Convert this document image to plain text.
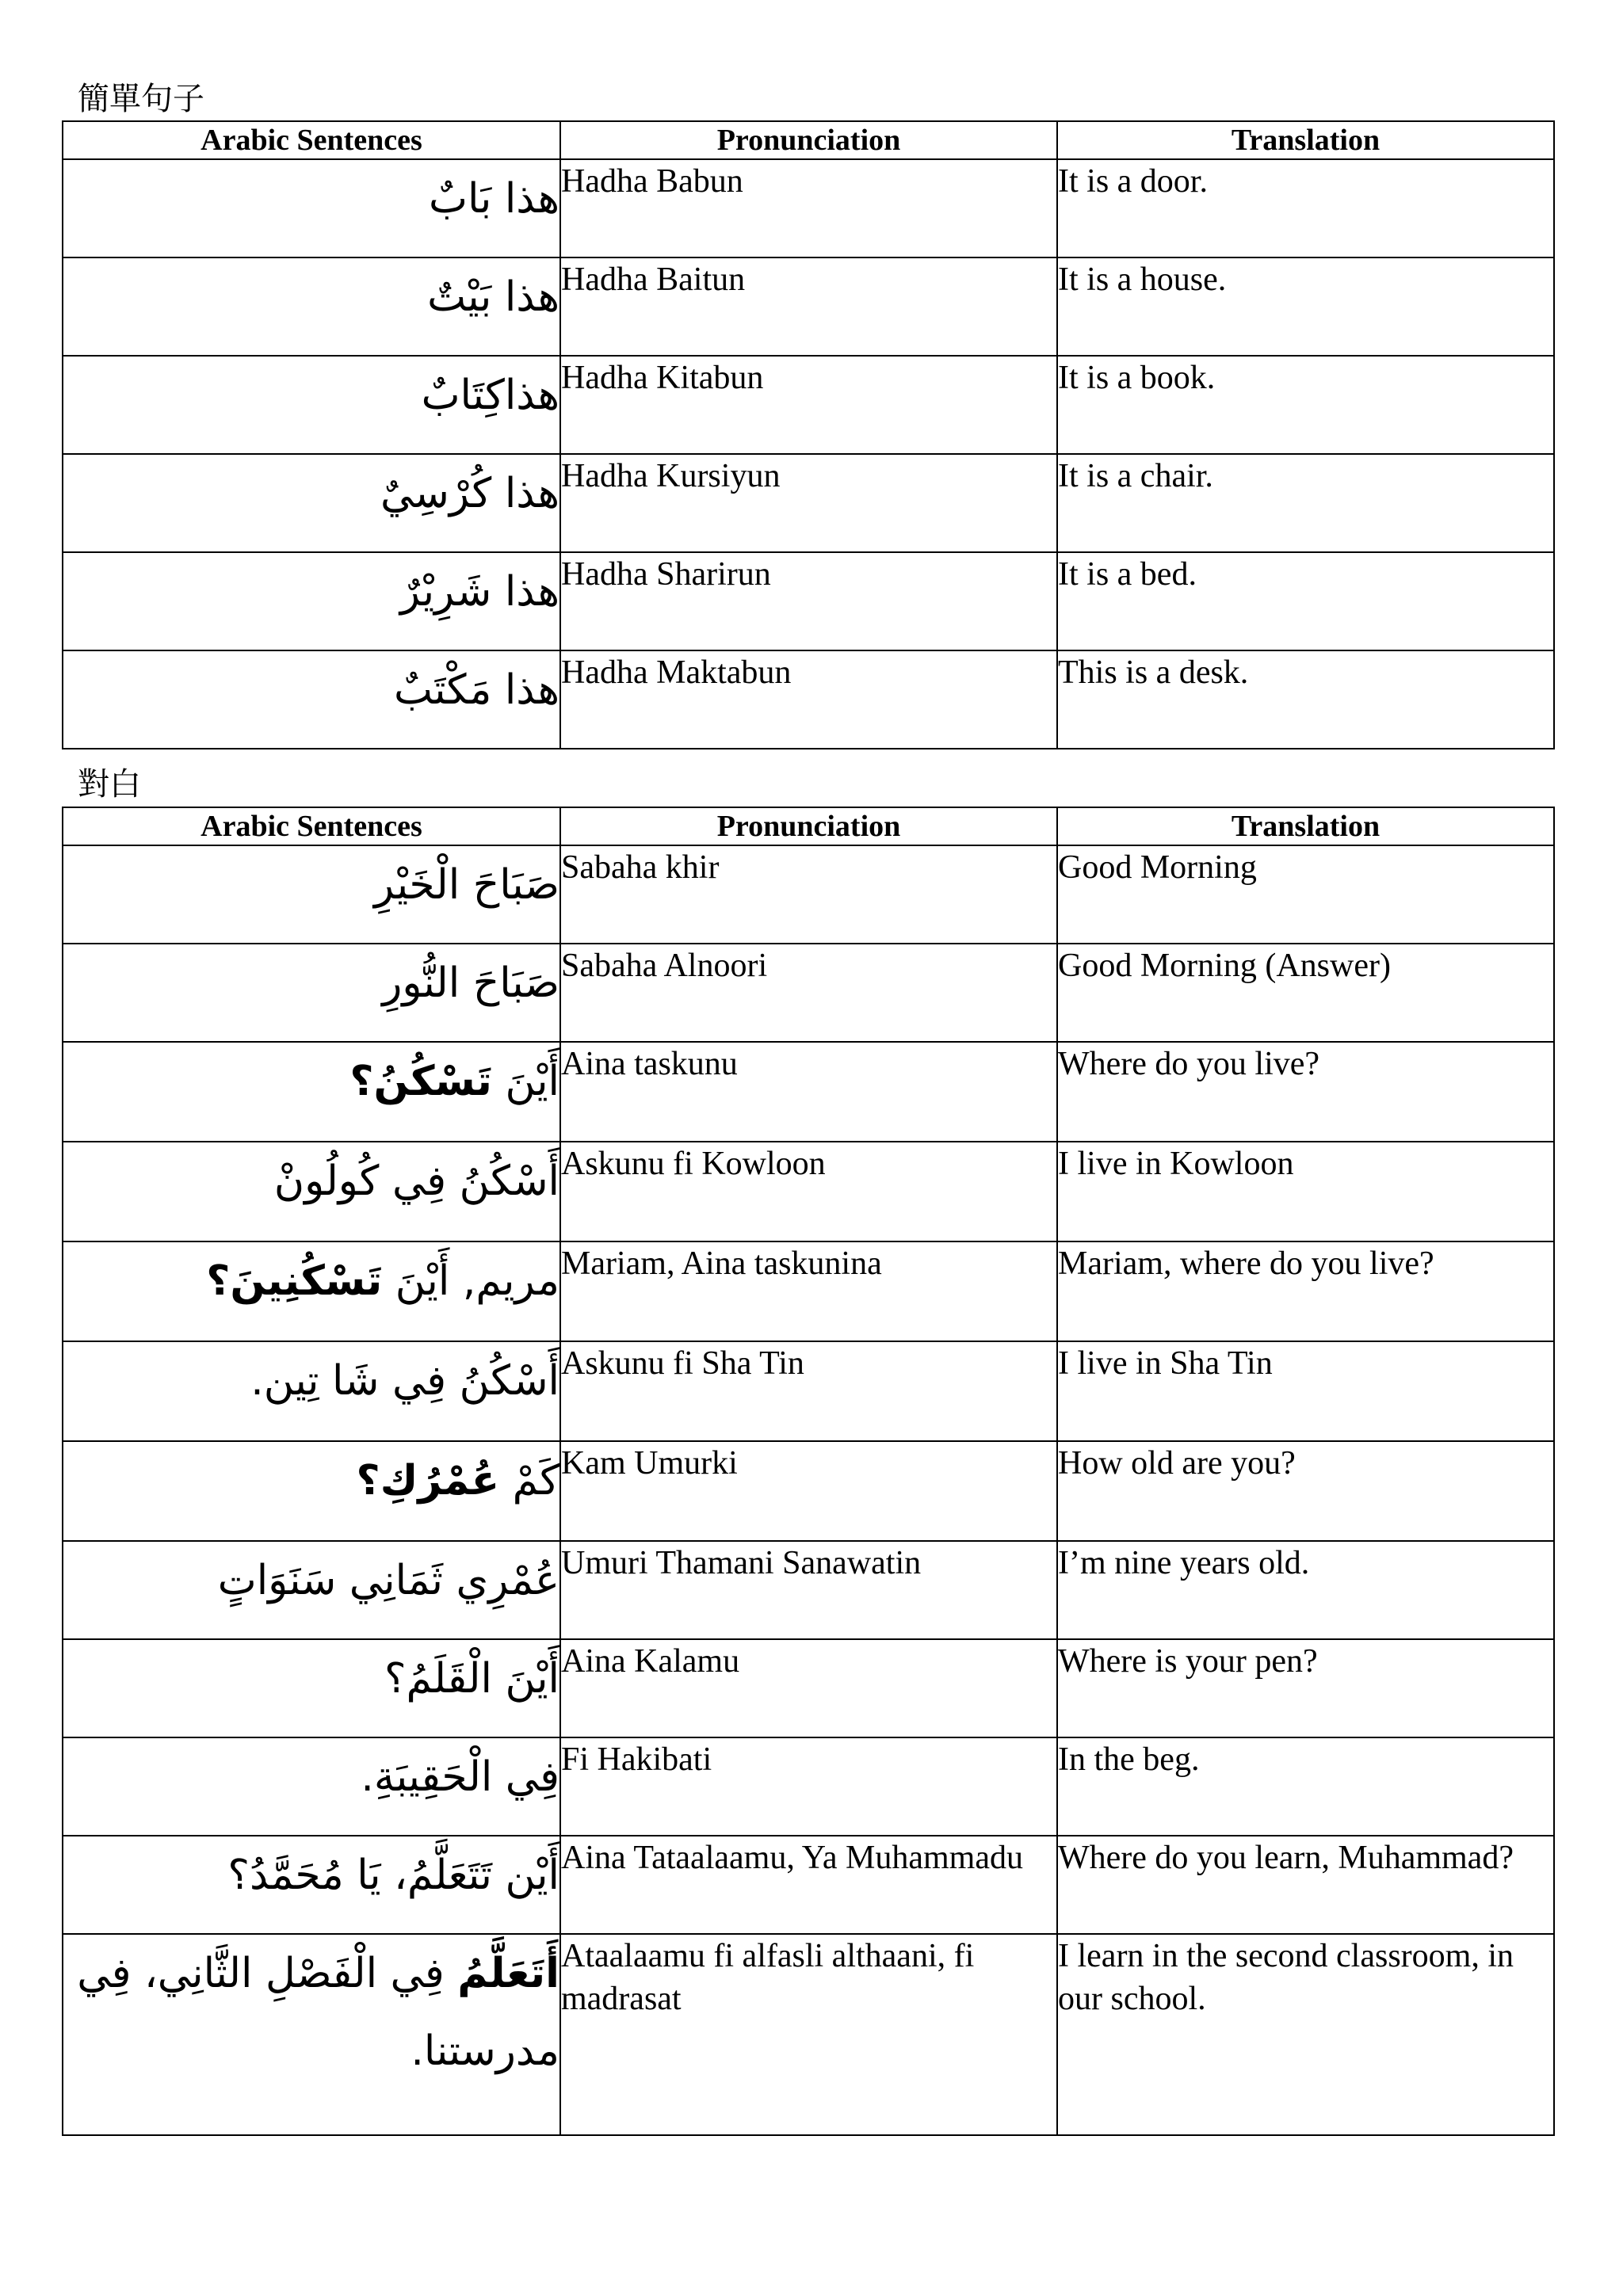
簡單句子
Arabic Sentences	Pronunciation	Translation
هذا بَابٌ	Hadha Babun	It is a door.
هذا بَيْتٌ	Hadha Baitun	It is a house.
هذاكِتَابٌ	Hadha Kitabun	It is a book.
هذا كُرْسِيٌ	Hadha Kursiyun	It is a chair.
هذا شَرِيْرٌ	Hadha Sharirun	It is a bed.
هذا مَكْتَبٌ	Hadha Maktabun	This is a desk.
對白
Arabic Sentences	Pronunciation	Translation
صَبَاحَ الْخَيْرِ	Sabaha khir	Good Morning
صَبَاحَ النُّورِ	Sabaha Alnoori	Good Morning (Answer)
أَيْنَ تَسْكُنُ؟	Aina taskunu	Where do you live?
أَسْكُنُ فِي كُولُونْ	Askunu fi Kowloon	I live in Kowloon
مريم, أَيْنَ تَسْكُنِينَ؟	Mariam, Aina taskunina	Mariam, where do you live?
أَسْكُنُ فِي شَا تِين.	Askunu fi Sha Tin	I live in Sha Tin
كَمْ عُمْرُكِ؟	Kam Umurki	How old are you?
عُمْرِي ثَمَانِي سَنَوَاتٍ	Umuri Thamani Sanawatin	I’m nine years old.
أَيْنَ الْقَلَمُ؟	Aina Kalamu	Where is your pen?
فِي الْحَقِيبَةِ.	Fi Hakibati	In the beg.
أَيْن تَتَعَلَّمُ، يَا مُحَمَّدُ؟	Aina Tataalaamu, Ya Muhammadu	Where do you learn, Muhammad?
أَتَعَلَّمُ فِي الْفَصْلِ الثَّانِي، فِي مدرستنا.	Ataalaamu fi alfasli althaani, fi madrasat	I learn in the second classroom, in our school.
